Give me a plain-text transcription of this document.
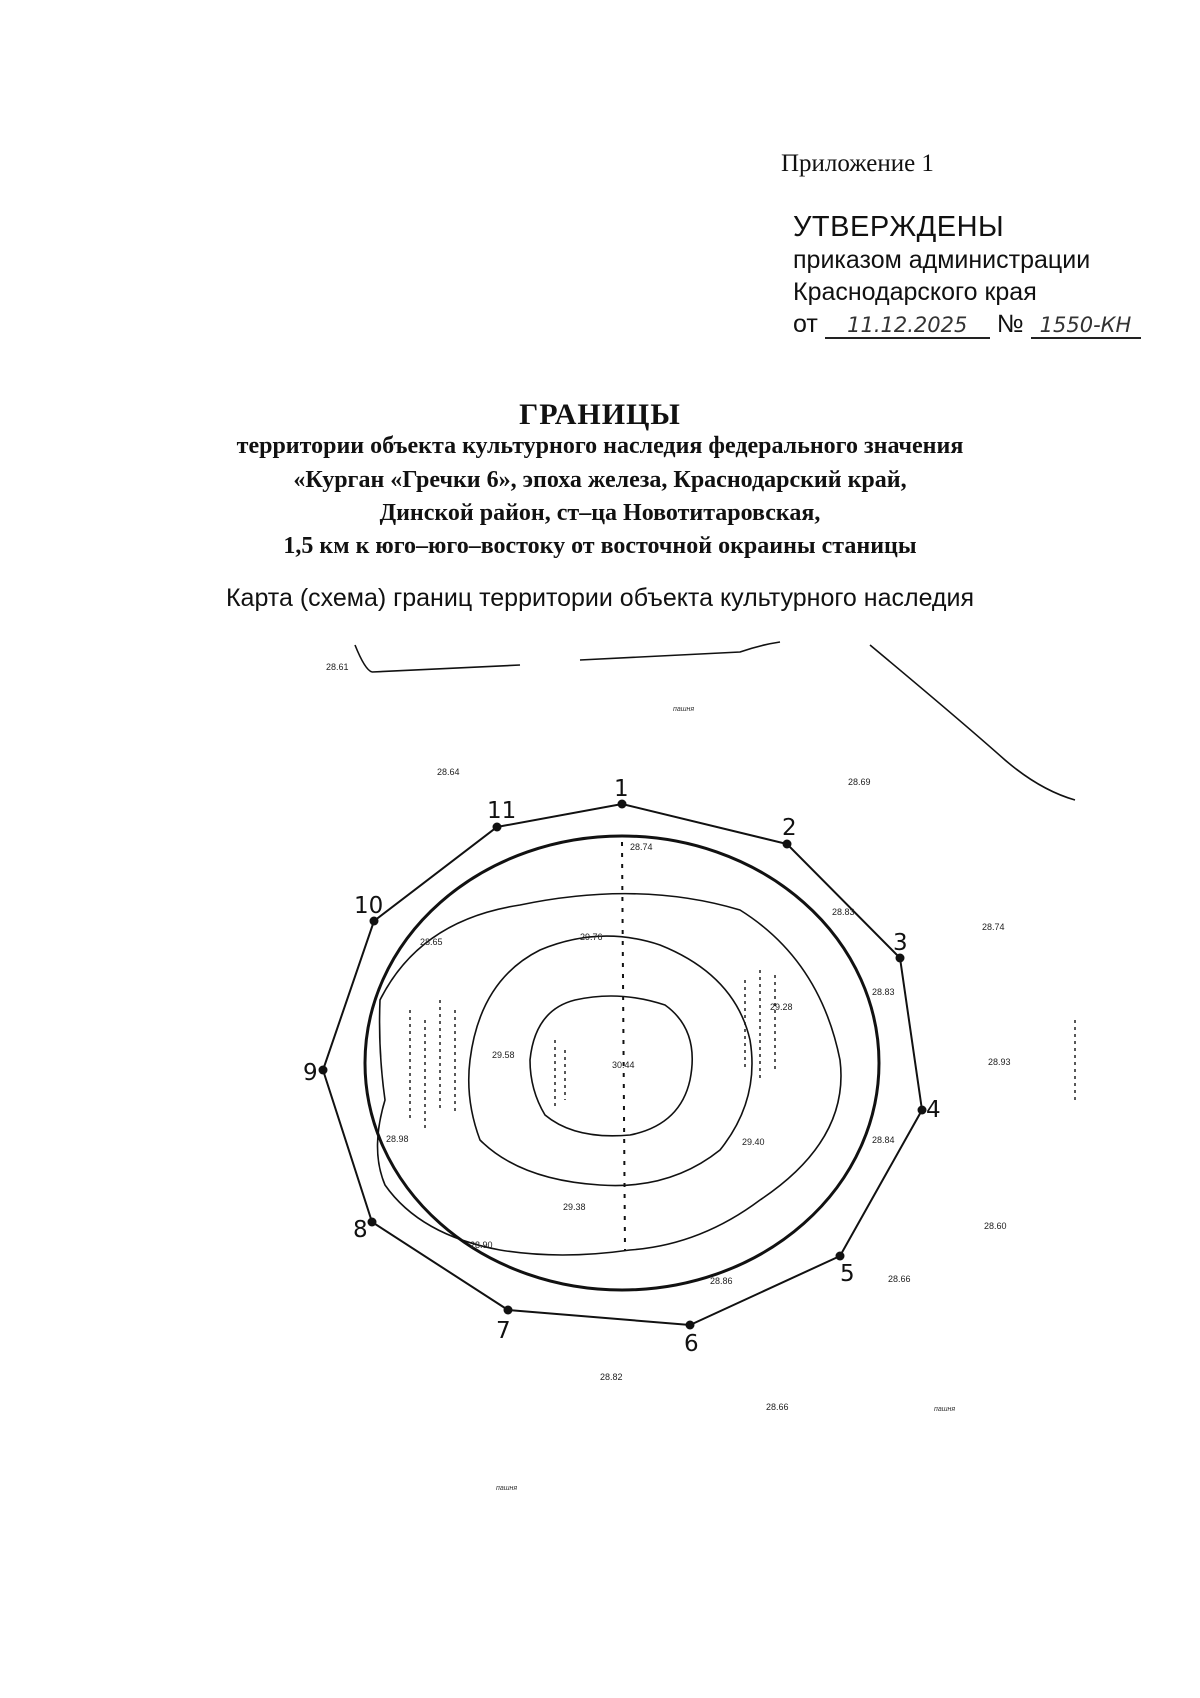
Приложение 1
УТВЕРЖДЕНЫ
приказом администрации
Краснодарского края
от 11.12.2025 № 1550-КН
ГРАНИЦЫ
территории объекта культурного наследия федерального значения
«Курган «Гречки 6», эпоха железа, Краснодарский край,
Динской район, ст–ца Новотитаровская,
1,5 км к юго–юго–востоку от восточной окраины станицы
Карта (схема) границ территории объекта культурного наследия
1
2
3
4
5
6
7
8
9
10
11
28.61
28.64
28.69
28.74
28.93
28.60
28.66
28.82
28.66
28.83
28.83
28.84
28.86
28.90
28.98
28.65	29.76
29.28
29.58
30.44
29.40
29.38
28.74
пашня
пашня
пашня
